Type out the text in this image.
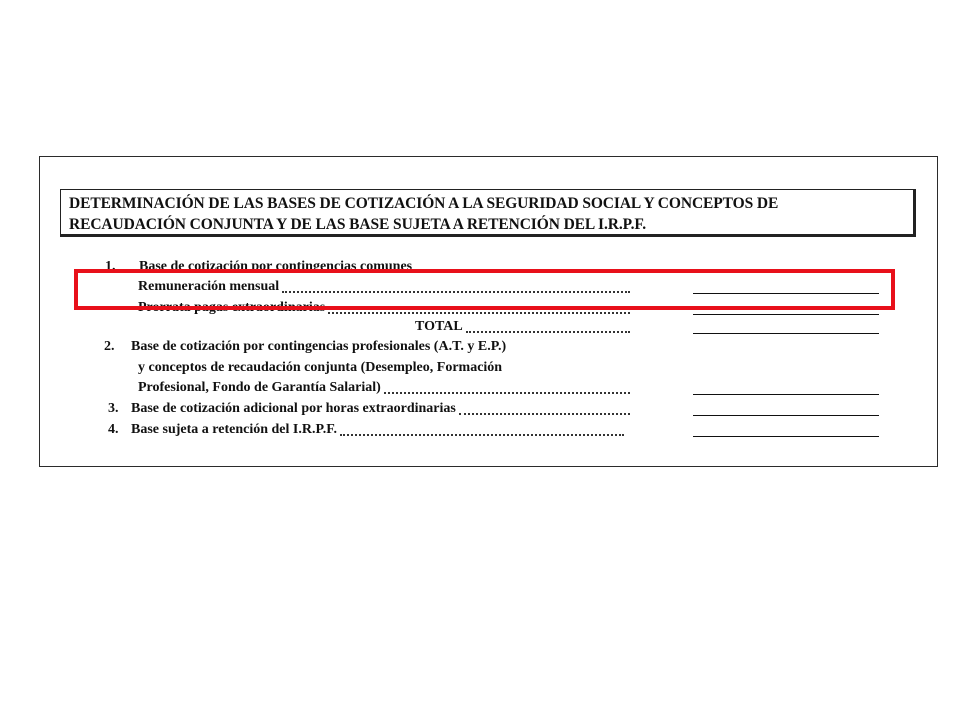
DETERMINACIÓN DE LAS BASES DE COTIZACIÓN A LA SEGURIDAD SOCIAL Y CONCEPTOS DE
RECAUDACIÓN CONJUNTA Y DE LAS BASE SUJETA A RETENCIÓN DEL I.R.P.F.
1. Base de cotización por contingencias comunes
Remuneración mensual
Prorrata pagas extraordinarias
TOTAL
2. Base de cotización por contingencias profesionales (A.T. y E.P.)
y conceptos de recaudación conjunta (Desempleo, Formación
Profesional, Fondo de Garantía Salarial)
3. Base de cotización adicional por horas extraordinarias
4. Base sujeta a retención del I.R.P.F.
